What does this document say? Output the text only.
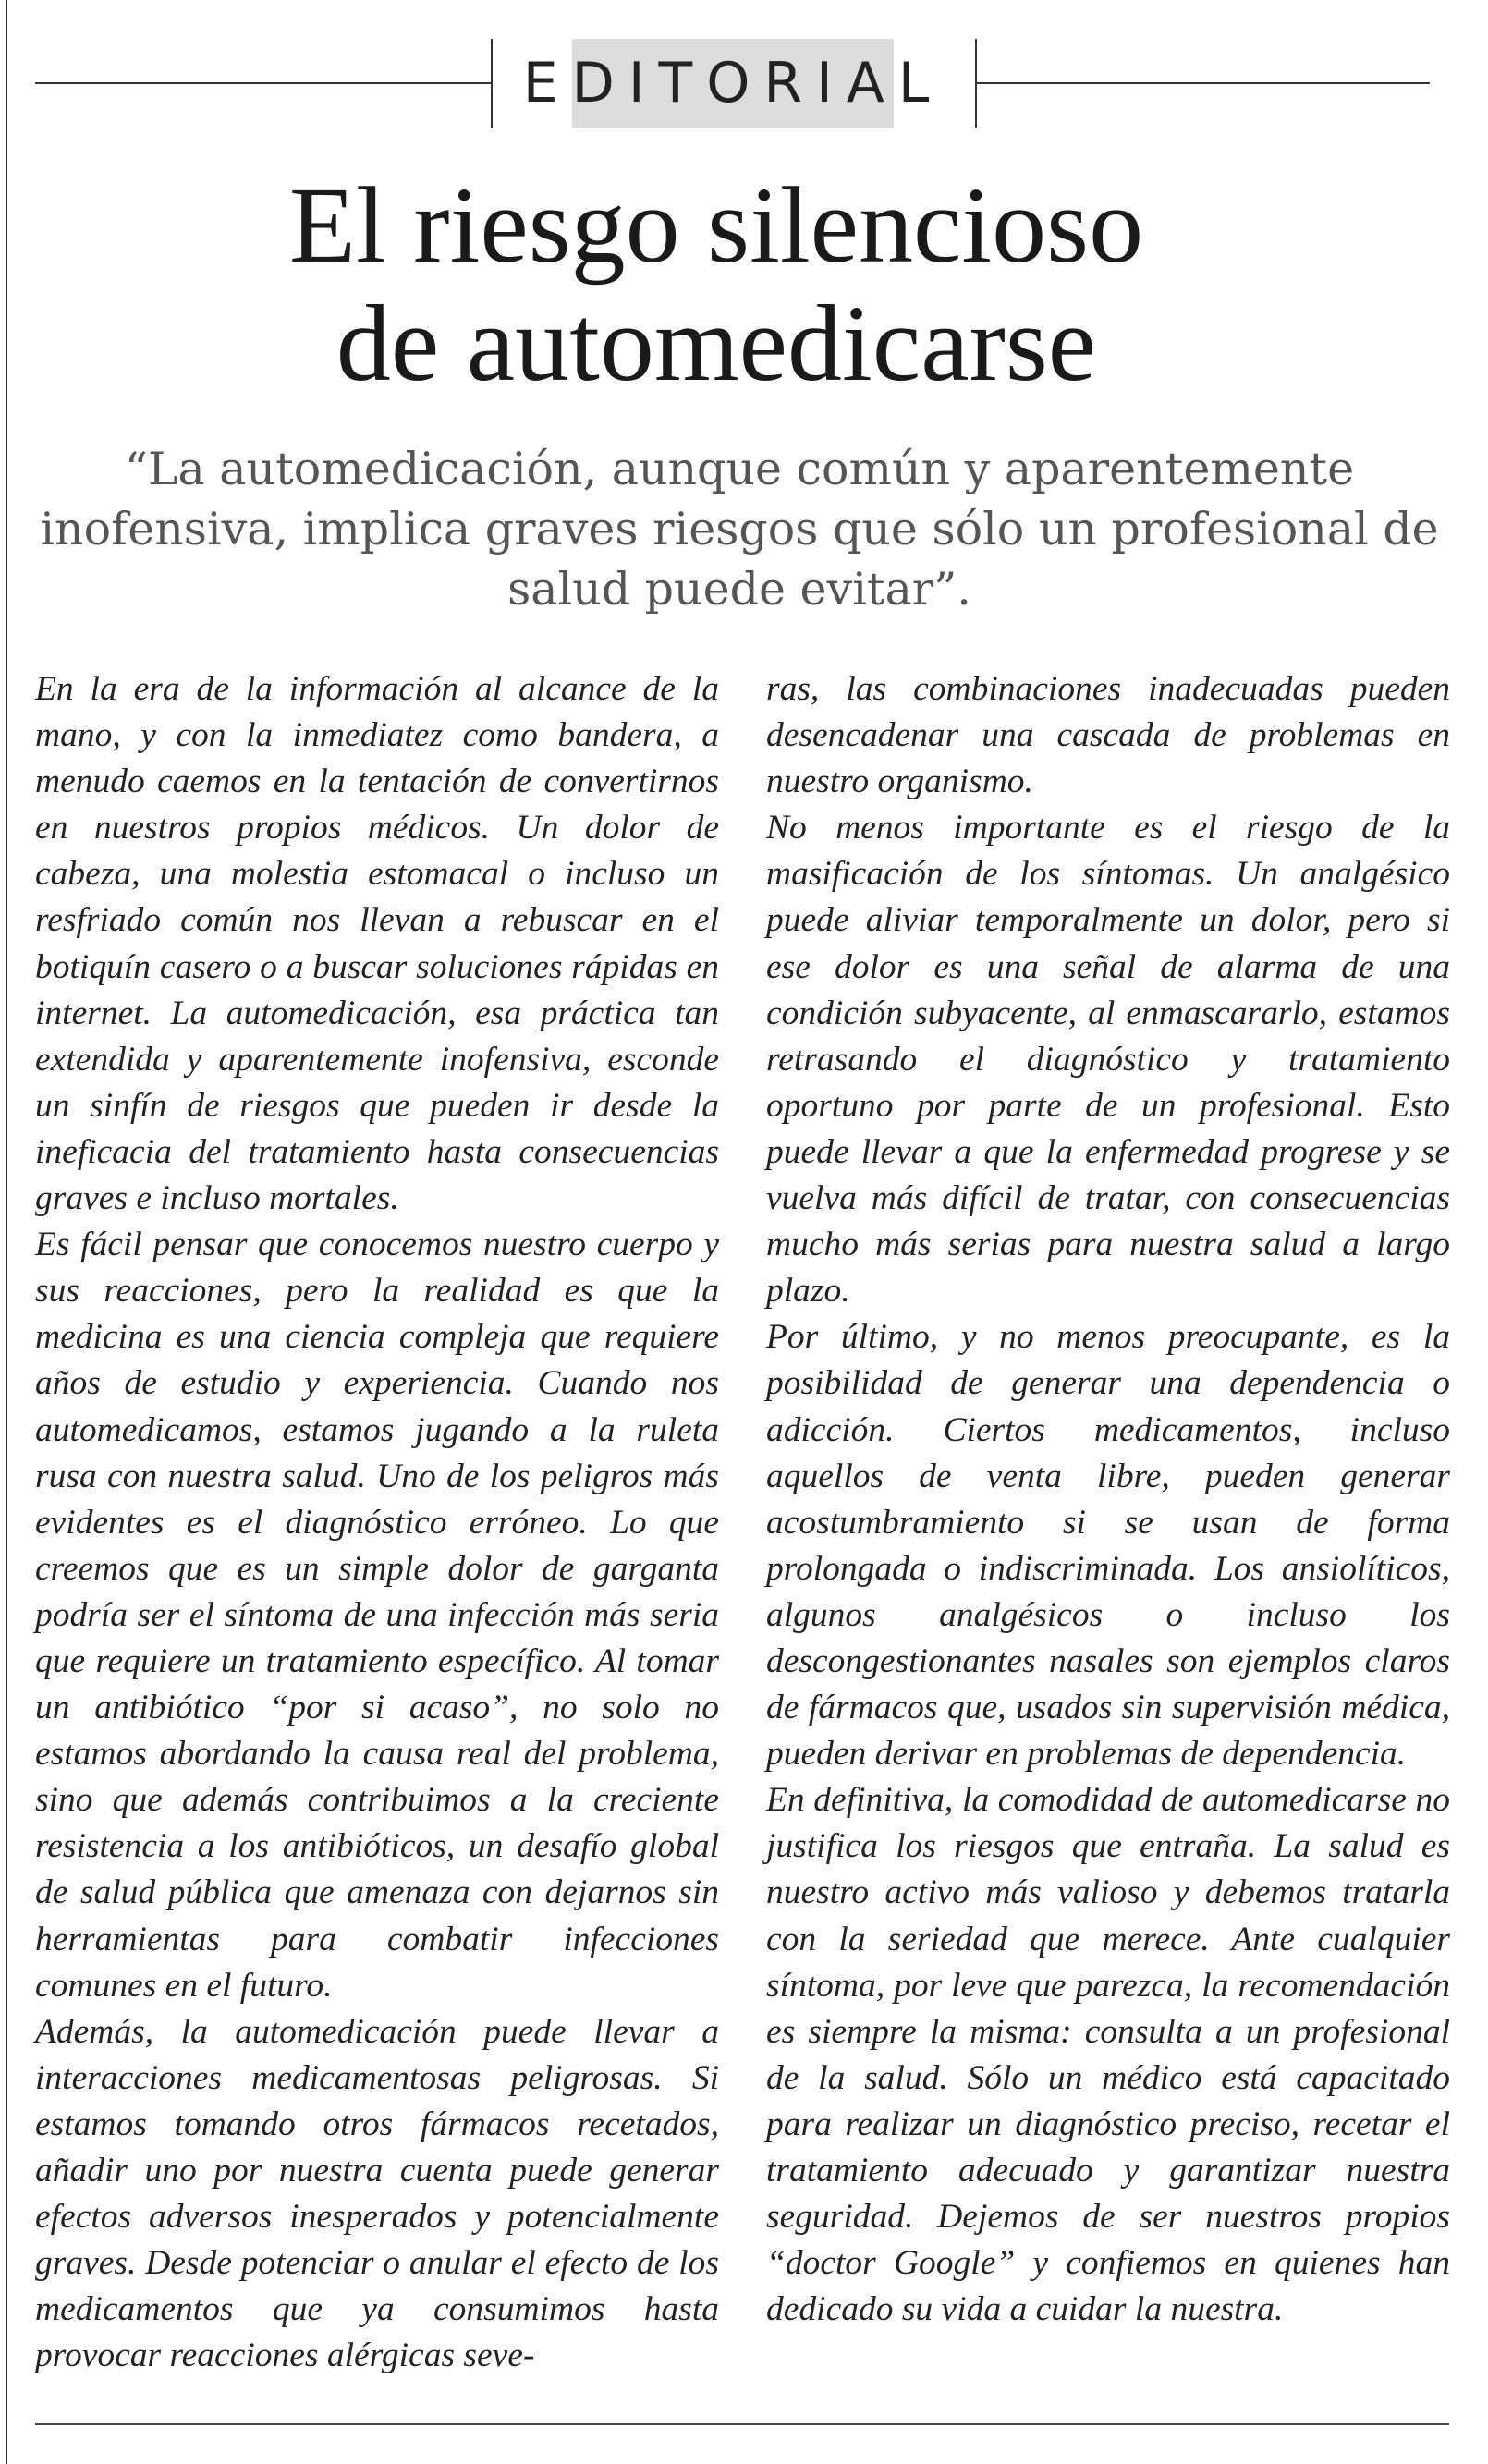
EDITORIAL
El riesgo silencioso
de automedicarse
“La automedicación, aunque común y aparentemente inofensiva, implica graves riesgos que sólo un profesional de salud puede evitar”.

En la era de la información al alcance de la mano, y con la inmediatez como bandera, a menudo caemos en la tentación de convertirnos en nuestros propios médicos. Un dolor de cabeza, una molestia estomacal o incluso un resfriado común nos llevan a rebuscar en el botiquín casero o a buscar soluciones rápidas en internet. La automedicación, esa práctica tan extendida y aparentemente inofensiva, esconde un sinfín de riesgos que pueden ir desde la ineficacia del tratamiento hasta consecuencias graves e incluso mortales.

Es fácil pensar que conocemos nuestro cuerpo y sus reacciones, pero la realidad es que la medicina es una ciencia compleja que requiere años de estudio y experiencia. Cuando nos automedicamos, estamos jugando a la ruleta rusa con nuestra salud. Uno de los peligros más evidentes es el diagnóstico erróneo. Lo que creemos que es un simple dolor de garganta podría ser el síntoma de una infección más seria que requiere un tratamiento específico. Al tomar un antibiótico “por si acaso”, no solo no estamos abordando la causa real del problema, sino que además contribuimos a la creciente resistencia a los antibióticos, un desafío global de salud pública que amenaza con dejarnos sin herramientas para combatir infecciones comunes en el futuro.

Además, la automedicación puede llevar a interacciones medicamentosas peligrosas. Si estamos tomando otros fármacos recetados, añadir uno por nuestra cuenta puede generar efectos adversos inesperados y potencialmente graves. Desde potenciar o anular el efecto de los medicamentos que ya consumimos hasta provocar reacciones alérgicas seve-

ras, las combinaciones inadecuadas pueden desencadenar una cascada de problemas en nuestro organismo.

No menos importante es el riesgo de la masificación de los síntomas. Un analgésico puede aliviar temporalmente un dolor, pero si ese dolor es una señal de alarma de una condición subyacente, al enmascararlo, estamos retrasando el diagnóstico y tratamiento oportuno por parte de un profesional. Esto puede llevar a que la enfermedad progrese y se vuelva más difícil de tratar, con consecuencias mucho más serias para nuestra salud a largo plazo.

Por último, y no menos preocupante, es la posibilidad de generar una dependencia o adicción. Ciertos medicamentos, incluso aquellos de venta libre, pueden generar acostumbramiento si se usan de forma prolongada o indiscriminada. Los ansiolíticos, algunos analgésicos o incluso los descongestionantes nasales son ejemplos claros de fármacos que, usados sin supervisión médica, pueden derivar en problemas de dependencia.

En definitiva, la comodidad de automedicarse no justifica los riesgos que entraña. La salud es nuestro activo más valioso y debemos tratarla con la seriedad que merece. Ante cualquier síntoma, por leve que parezca, la recomendación es siempre la misma: consulta a un profesional de la salud. Sólo un médico está capacitado para realizar un diagnóstico preciso, recetar el tratamiento adecuado y garantizar nuestra seguridad. Dejemos de ser nuestros propios “doctor Google” y confiemos en quienes han dedicado su vida a cuidar la nuestra.
